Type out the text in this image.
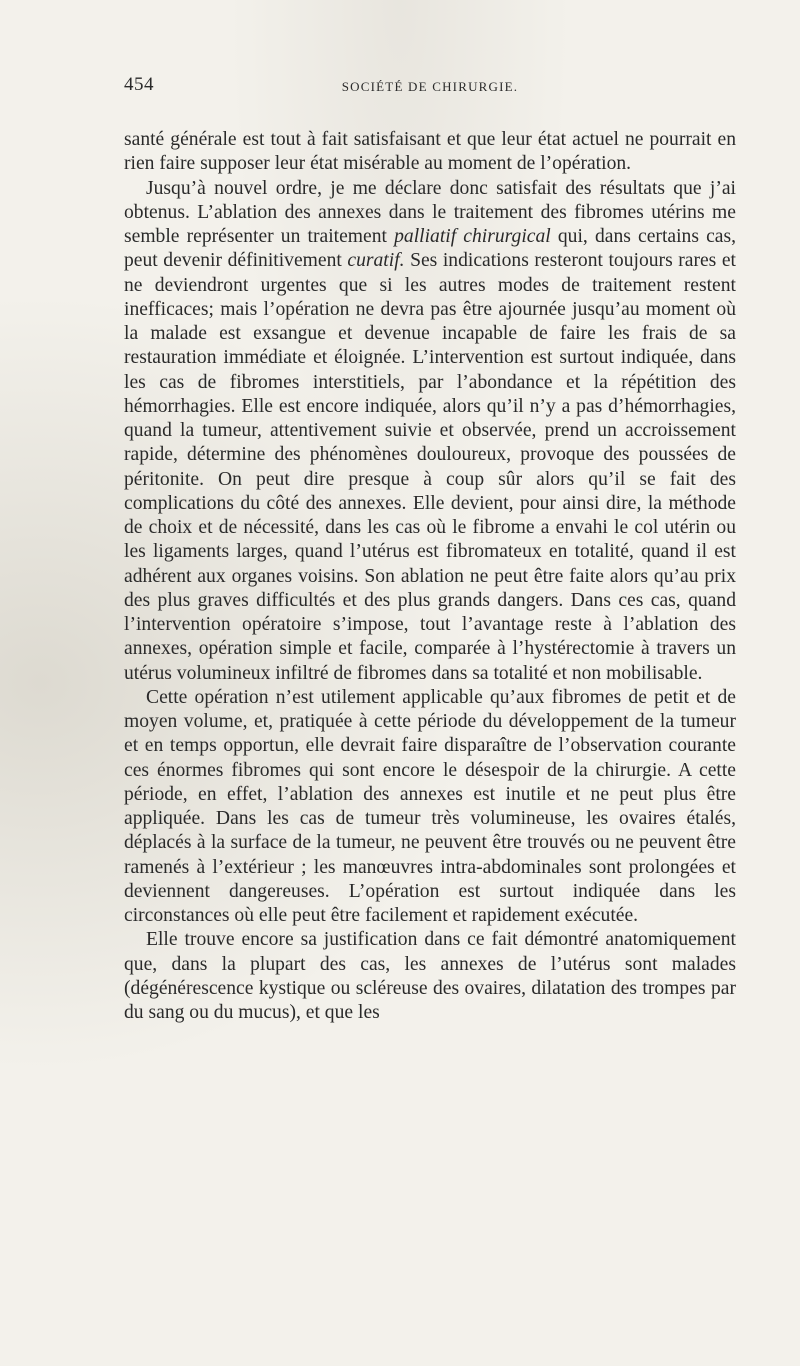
454	SOCIÉTÉ DE CHIRURGIE.

santé générale est tout à fait satisfaisant et que leur état actuel ne pourrait en rien faire supposer leur état misérable au moment de l’opération.

Jusqu’à nouvel ordre, je me déclare donc satisfait des résultats que j’ai obtenus. L’ablation des annexes dans le traitement des fibromes utérins me semble représenter un traitement palliatif chirurgical qui, dans certains cas, peut devenir définitivement curatif. Ses indications resteront toujours rares et ne deviendront urgentes que si les autres modes de traitement restent inefficaces; mais l’opération ne devra pas être ajournée jusqu’au moment où la malade est exsangue et devenue incapable de faire les frais de sa restauration immédiate et éloignée. L’intervention est surtout indiquée, dans les cas de fibromes interstitiels, par l’abondance et la répétition des hémorrhagies. Elle est encore indiquée, alors qu’il n’y a pas d’hémorrhagies, quand la tumeur, attentivement suivie et observée, prend un accroissement rapide, détermine des phénomènes douloureux, provoque des poussées de péritonite. On peut dire presque à coup sûr alors qu’il se fait des complications du côté des annexes. Elle devient, pour ainsi dire, la méthode de choix et de nécessité, dans les cas où le fibrome a envahi le col utérin ou les ligaments larges, quand l’utérus est fibromateux en totalité, quand il est adhérent aux organes voisins. Son ablation ne peut être faite alors qu’au prix des plus graves difficultés et des plus grands dangers. Dans ces cas, quand l’intervention opératoire s’impose, tout l’avantage reste à l’ablation des annexes, opération simple et facile, comparée à l’hystérectomie à travers un utérus volumineux infiltré de fibromes dans sa totalité et non mobilisable.

Cette opération n’est utilement applicable qu’aux fibromes de petit et de moyen volume, et, pratiquée à cette période du développement de la tumeur et en temps opportun, elle devrait faire disparaître de l’observation courante ces énormes fibromes qui sont encore le désespoir de la chirurgie. A cette période, en effet, l’ablation des annexes est inutile et ne peut plus être appliquée. Dans les cas de tumeur très volumineuse, les ovaires étalés, déplacés à la surface de la tumeur, ne peuvent être trouvés ou ne peuvent être ramenés à l’extérieur ; les manœuvres intra-abdominales sont prolongées et deviennent dangereuses. L’opération est surtout indiquée dans les circonstances où elle peut être facilement et rapidement exécutée.

Elle trouve encore sa justification dans ce fait démontré anatomiquement que, dans la plupart des cas, les annexes de l’utérus sont malades (dégénérescence kystique ou scléreuse des ovaires, dilatation des trompes par du sang ou du mucus), et que les
